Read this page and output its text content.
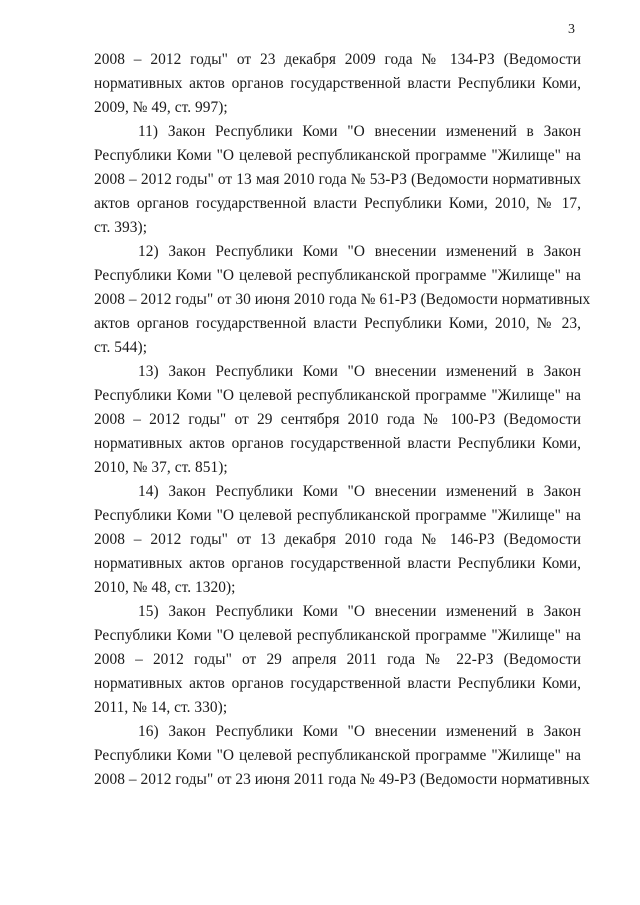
3
2008 – 2012 годы" от 23 декабря 2009 года № 134-РЗ (Ведомости
нормативных актов органов государственной власти Республики Коми,
2009, № 49, ст. 997);
11) Закон Республики Коми "О внесении изменений в Закон
Республики Коми "О целевой республиканской программе "Жилище" на
2008 – 2012 годы" от 13 мая 2010 года № 53-РЗ (Ведомости нормативных
актов органов государственной власти Республики Коми, 2010, № 17,
ст. 393);
12) Закон Республики Коми "О внесении изменений в Закон
Республики Коми "О целевой республиканской программе "Жилище" на
2008 – 2012 годы" от 30 июня 2010 года № 61-РЗ (Ведомости нормативных
актов органов государственной власти Республики Коми, 2010, № 23,
ст. 544);
13) Закон Республики Коми "О внесении изменений в Закон
Республики Коми "О целевой республиканской программе "Жилище" на
2008 – 2012 годы" от 29 сентября 2010 года № 100-РЗ (Ведомости
нормативных актов органов государственной власти Республики Коми,
2010, № 37, ст. 851);
14) Закон Республики Коми "О внесении изменений в Закон
Республики Коми "О целевой республиканской программе "Жилище" на
2008 – 2012 годы" от 13 декабря 2010 года № 146-РЗ (Ведомости
нормативных актов органов государственной власти Республики Коми,
2010, № 48, ст. 1320);
15) Закон Республики Коми "О внесении изменений в Закон
Республики Коми "О целевой республиканской программе "Жилище" на
2008 – 2012 годы" от 29 апреля 2011 года № 22-РЗ (Ведомости
нормативных актов органов государственной власти Республики Коми,
2011, № 14, ст. 330);
16) Закон Республики Коми "О внесении изменений в Закон
Республики Коми "О целевой республиканской программе "Жилище" на
2008 – 2012 годы" от 23 июня 2011 года № 49-РЗ (Ведомости нормативных
